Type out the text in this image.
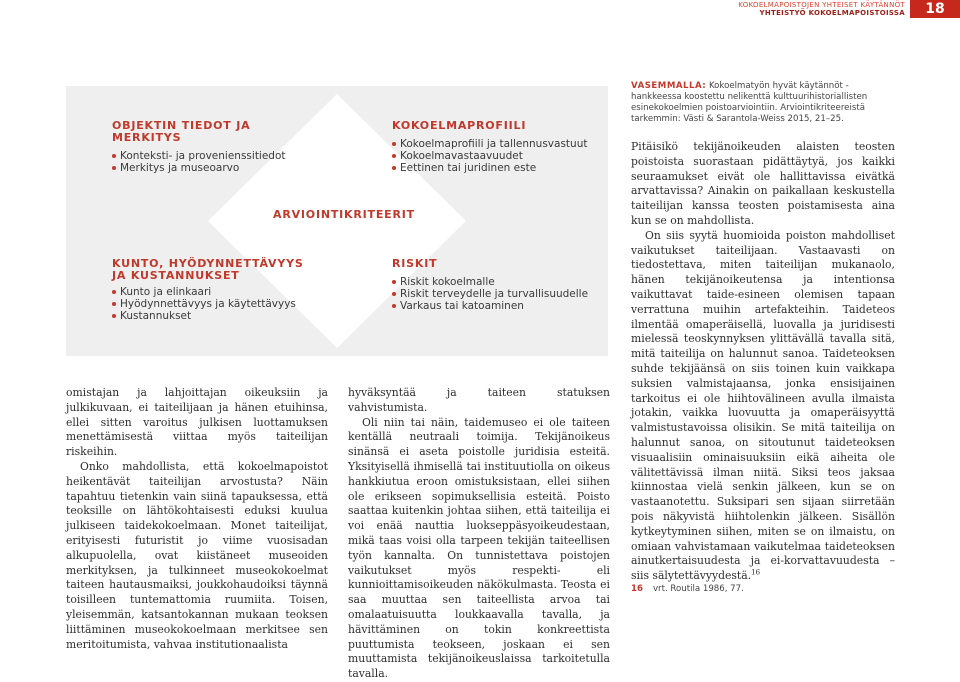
KOKOELMAPOISTOJEN YHTEISET KÄYTÄNNÖT
YHTEISTYÖ KOKOELMAPOISTOISSA	18
OBJEKTIN TIEDOT JA MERKITYS
Konteksti- ja provenienssitiedot
Merkitys ja museoarvo
KOKOELMAPROFIILI
Kokoelmaprofiili ja tallennusvastuut
Kokoelmavastaavuudet
Eettinen tai juridinen este
ARVIOINTIKRITEERIT
KUNTO, HYÖDYNNETTÄVYYS
JA KUSTANNUKSET
Kunto ja elinkaari
Hyödynnettävyys ja käytettävyys
Kustannukset
RISKIT
Riskit kokoelmalle
Riskit terveydelle ja turvallisuudelle
Varkaus tai katoaminen
VASEMMALLA: Kokoelmatyön hyvät käytännöt -hankkeessa koostettu nelikenttä kulttuurihistoriallisten esinekokoelmien poistoarviointiin. Arviointikriteereistä tarkemmin: Västi & Sarantola-Weiss 2015, 21–25.

omistajan ja lahjoittajan oikeuksiin ja julkikuvaan, ei taiteilijaan ja hänen etuihinsa, ellei sitten varoitus julkisen luottamuksen menettämisestä viittaa myös taiteilijan riskeihin.

Onko mahdollista, että kokoelmapoistot heikentävät taiteilijan arvostusta? Näin tapahtuu tietenkin vain siinä tapauksessa, että teoksille on lähtökohtaisesti eduksi kuulua julkiseen taidekokoelmaan. Monet taiteilijat, erityisesti futuristit jo viime vuosisadan alkupuolella, ovat kiistäneet museoiden merkityksen, ja tulkinneet museokokoelmat taiteen hautausmaiksi, joukkohaudoiksi täynnä toisilleen tuntemattomia ruumiita. Toisen, yleisemmän, katsantokannan mukaan teoksen liittäminen museokokoelmaan merkitsee sen meritoitumista, vahvaa institutionaalista

hyväksyntää ja taiteen statuksen vahvistumista.

Oli niin tai näin, taidemuseo ei ole taiteen kentällä neutraali toimija. Tekijänoikeus sinänsä ei aseta poistolle juridisia esteitä. Yksityisellä ihmisellä tai instituutiolla on oikeus hankkiutua eroon omistuksistaan, ellei siihen ole erikseen sopimuksellisia esteitä. Poisto saattaa kuitenkin johtaa siihen, että taiteilija ei voi enää nauttia luokseppäsyoikeudestaan, mikä taas voisi olla tarpeen tekijän taiteellisen työn kannalta. On tunnistettava poistojen vaikutukset myös respekti- eli kunnioittamisoikeuden näkökulmasta. Teosta ei saa muuttaa sen taiteellista arvoa tai omalaatuisuutta loukkaavalla tavalla, ja hävittäminen on tokin konkreettista puuttumista teokseen, joskaan ei sen muuttamista tekijänoikeuslaissa tarkoitetulla tavalla.

Pitäisikö tekijänoikeuden alaisten teosten poistoista suorastaan pidättäytyä, jos kaikki seuraamukset eivät ole hallittavissa eivätkä arvattavissa? Ainakin on paikallaan keskustella taiteilijan kanssa teosten poistamisesta aina kun se on mahdollista.

On siis syytä huomioida poiston mahdolliset vaikutukset taiteilijaan. Vastaavasti on tiedostettava, miten taiteilijan mukanaolo, hänen tekijänoikeutensa ja intentionsa vaikuttavat taide-esineen olemisen tapaan verrattuna muihin artefakteihin. Taideteos ilmentää omaperäisellä, luovalla ja juridisesti mielessä teoskynnyksen ylittävällä tavalla sitä, mitä taiteilija on halunnut sanoa. Taideteoksen suhde tekijäänsä on siis toinen kuin vaikkapa suksien valmistajaansa, jonka ensisijainen tarkoitus ei ole hiihtovälineen avulla ilmaista jotakin, vaikka luovuutta ja omaperäisyyttä valmistustavoissa olisikin. Se mitä taiteilija on halunnut sanoa, on sitoutunut taideteoksen visuaalisiin ominaisuuksiin eikä aiheita ole välitettävissä ilman niitä. Siksi teos jaksaa kiinnostaa vielä senkin jälkeen, kun se on vastaanotettu. Suksipari sen sijaan siirretään pois näkyvistä hiihtolenkin jälkeen. Sisällön kytkeytyminen siihen, miten se on ilmaistu, on omiaan vahvistamaan vaikutelmaa taideteoksen ainutkertaisuudesta ja ei-korvattavuudesta – siis sälytettävyydestä.$^{16}$

16 vrt. Routila 1986, 77.
